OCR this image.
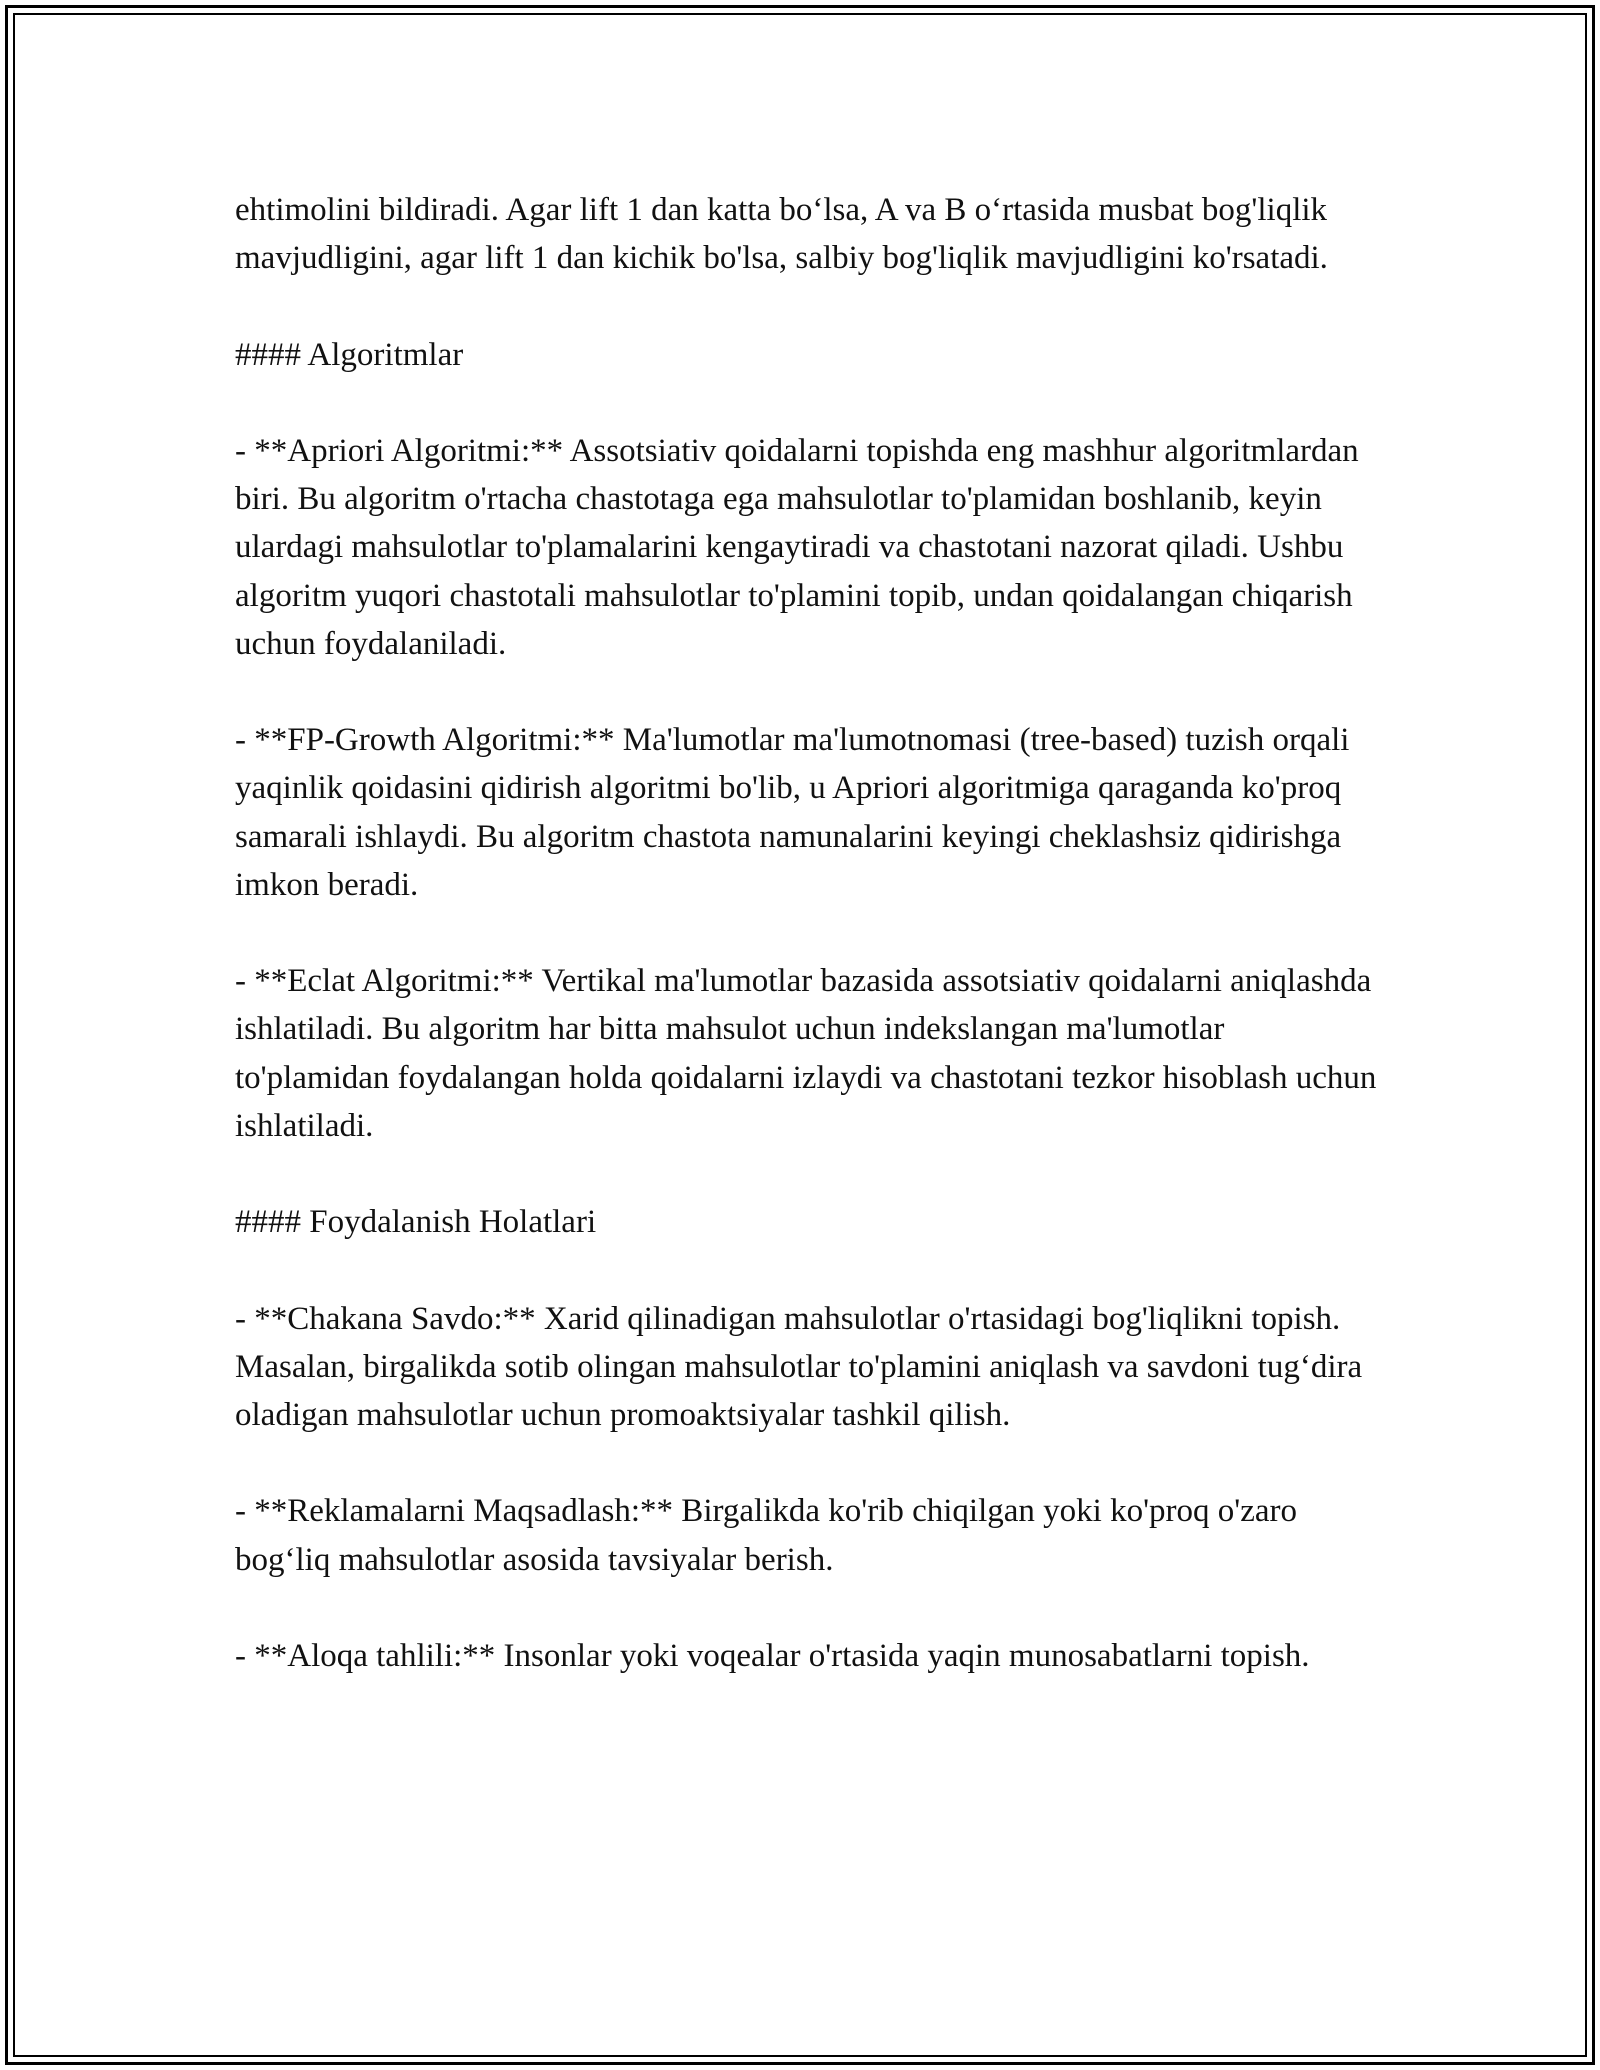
ehtimolini bildiradi. Agar lift 1 dan katta bo‘lsa, A va B o‘rtasida musbat bog'liqlik mavjudligini, agar lift 1 dan kichik bo'lsa, salbiy bog'liqlik mavjudligini ko'rsatadi.

#### Algoritmlar

- **Apriori Algoritmi:** Assotsiativ qoidalarni topishda eng mashhur algoritmlardan biri. Bu algoritm o'rtacha chastotaga ega mahsulotlar to'plamidan boshlanib, keyin ulardagi mahsulotlar to'plamalarini kengaytiradi va chastotani nazorat qiladi. Ushbu algoritm yuqori chastotali mahsulotlar to'plamini topib, undan qoidalangan chiqarish uchun foydalaniladi.

- **FP-Growth Algoritmi:** Ma'lumotlar ma'lumotnomasi (tree-based) tuzish orqali yaqinlik qoidasini qidirish algoritmi bo'lib, u Apriori algoritmiga qaraganda ko'proq samarali ishlaydi. Bu algoritm chastota namunalarini keyingi cheklashsiz qidirishga imkon beradi.

- **Eclat Algoritmi:** Vertikal ma'lumotlar bazasida assotsiativ qoidalarni aniqlashda ishlatiladi. Bu algoritm har bitta mahsulot uchun indekslangan ma'lumotlar to'plamidan foydalangan holda qoidalarni izlaydi va chastotani tezkor hisoblash uchun ishlatiladi.

#### Foydalanish Holatlari

- **Chakana Savdo:** Xarid qilinadigan mahsulotlar o'rtasidagi bog'liqlikni topish. Masalan, birgalikda sotib olingan mahsulotlar to'plamini aniqlash va savdoni tug‘dira oladigan mahsulotlar uchun promoaktsiyalar tashkil qilish.

- **Reklamalarni Maqsadlash:** Birgalikda ko'rib chiqilgan yoki ko'proq o'zaro bog‘liq mahsulotlar asosida tavsiyalar berish.

- **Aloqa tahlili:** Insonlar yoki voqealar o'rtasida yaqin munosabatlarni topish.
